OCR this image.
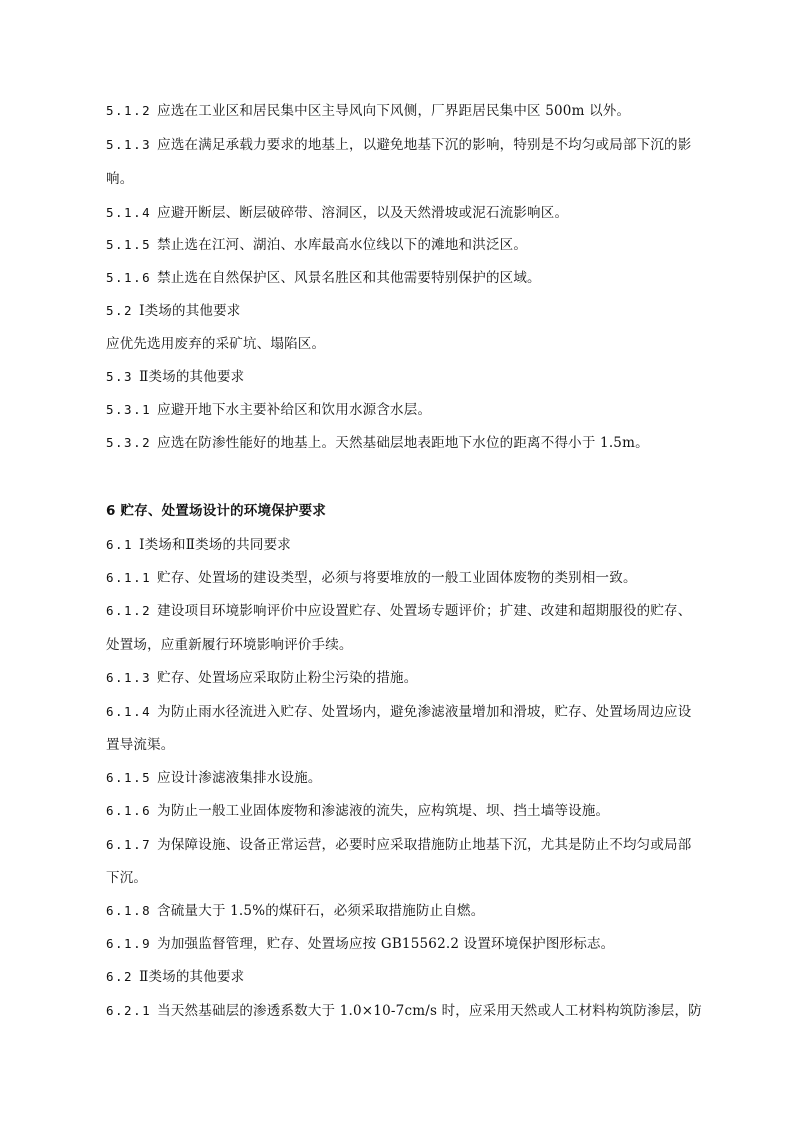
5.1.2 应选在工业区和居民集中区主导风向下风侧，厂界距居民集中区 500m 以外。
5.1.3 应选在满足承载力要求的地基上，以避免地基下沉的影响，特别是不均匀或局部下沉的影
响。
5.1.4 应避开断层、断层破碎带、溶洞区，以及天然滑坡或泥石流影响区。
5.1.5 禁止选在江河、湖泊、水库最高水位线以下的滩地和洪泛区。
5.1.6 禁止选在自然保护区、风景名胜区和其他需要特别保护的区域。
5.2 Ⅰ类场的其他要求
应优先选用废弃的采矿坑、塌陷区。
5.3 Ⅱ类场的其他要求
5.3.1 应避开地下水主要补给区和饮用水源含水层。
5.3.2 应选在防渗性能好的地基上。天然基础层地表距地下水位的距离不得小于 1.5m。
6 贮存、处置场设计的环境保护要求
6.1 Ⅰ类场和Ⅱ类场的共同要求
6.1.1 贮存、处置场的建设类型，必须与将要堆放的一般工业固体废物的类别相一致。
6.1.2 建设项目环境影响评价中应设置贮存、处置场专题评价；扩建、改建和超期服役的贮存、
处置场，应重新履行环境影响评价手续。
6.1.3 贮存、处置场应采取防止粉尘污染的措施。
6.1.4 为防止雨水径流进入贮存、处置场内，避免渗滤液量增加和滑坡，贮存、处置场周边应设
置导流渠。
6.1.5 应设计渗滤液集排水设施。
6.1.6 为防止一般工业固体废物和渗滤液的流失，应构筑堤、坝、挡土墙等设施。
6.1.7 为保障设施、设备正常运营，必要时应采取措施防止地基下沉，尤其是防止不均匀或局部
下沉。
6.1.8 含硫量大于 1.5%的煤矸石，必须采取措施防止自燃。
6.1.9 为加强监督管理，贮存、处置场应按 GB15562.2 设置环境保护图形标志。
6.2 Ⅱ类场的其他要求
6.2.1 当天然基础层的渗透系数大于 1.0×10-7cm/s 时，应采用天然或人工材料构筑防渗层，防
